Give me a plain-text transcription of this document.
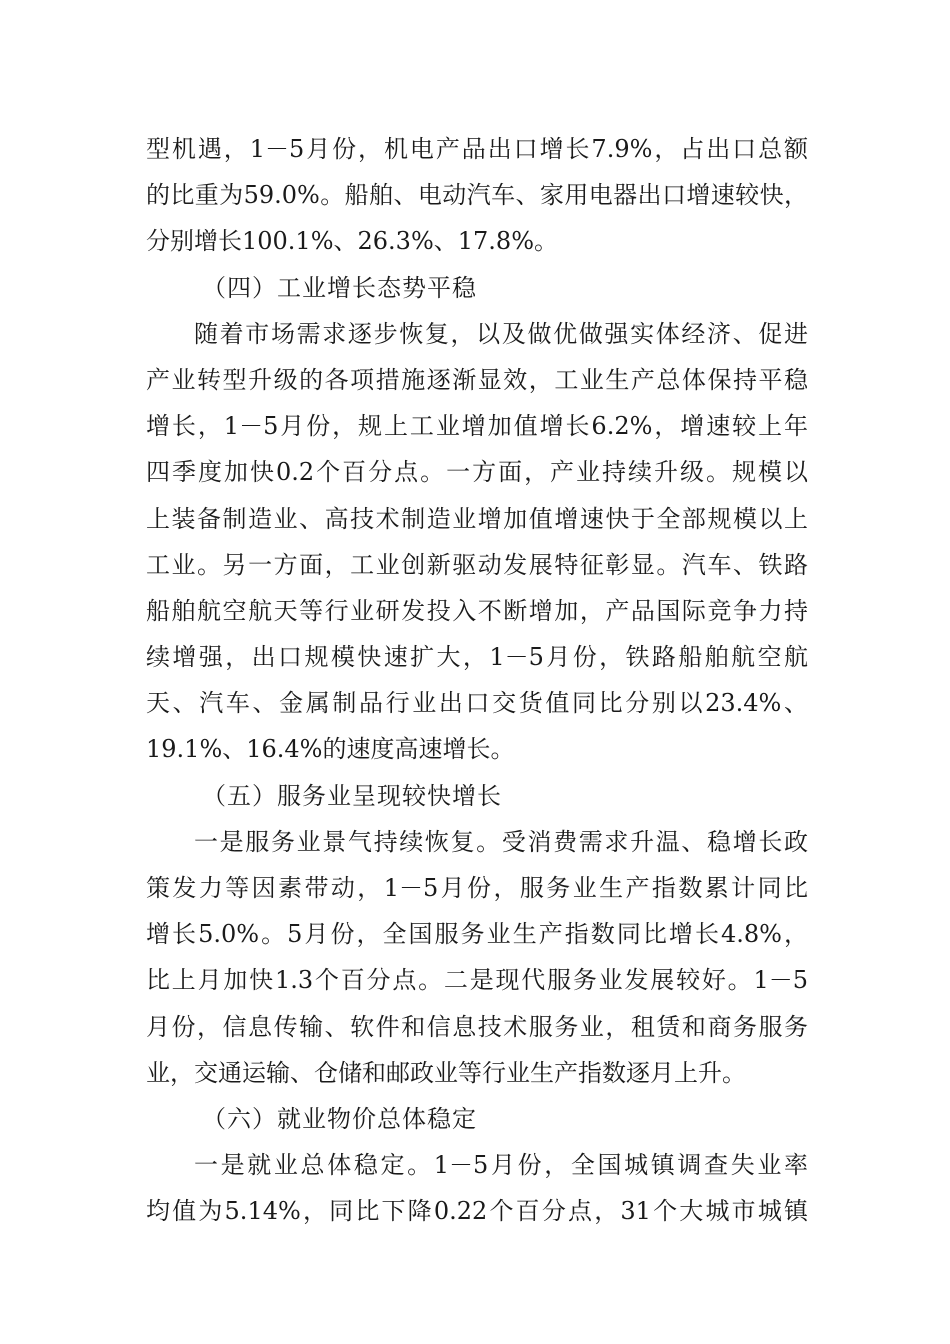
型机遇，1－5月份，机电产品出口增长7.9%，占出口总额
的比重为59.0%。船舶、电动汽车、家用电器出口增速较快，
分别增长100.1%、26.3%、17.8%。
（四）工业增长态势平稳
随着市场需求逐步恢复，以及做优做强实体经济、促进
产业转型升级的各项措施逐渐显效，工业生产总体保持平稳
增长，1－5月份，规上工业增加值增长6.2%，增速较上年
四季度加快0.2个百分点。一方面，产业持续升级。规模以
上装备制造业、高技术制造业增加值增速快于全部规模以上
工业。另一方面，工业创新驱动发展特征彰显。汽车、铁路
船舶航空航天等行业研发投入不断增加，产品国际竞争力持
续增强，出口规模快速扩大，1－5月份，铁路船舶航空航
天、汽车、金属制品行业出口交货值同比分别以23.4%、
19.1%、16.4%的速度高速增长。
（五）服务业呈现较快增长
一是服务业景气持续恢复。受消费需求升温、稳增长政
策发力等因素带动，1－5月份，服务业生产指数累计同比
增长5.0%。5月份，全国服务业生产指数同比增长4.8%，
比上月加快1.3个百分点。二是现代服务业发展较好。1－5
月份，信息传输、软件和信息技术服务业，租赁和商务服务
业，交通运输、仓储和邮政业等行业生产指数逐月上升。
（六）就业物价总体稳定
一是就业总体稳定。1－5月份，全国城镇调查失业率
均值为5.14%，同比下降0.22个百分点，31个大城市城镇
